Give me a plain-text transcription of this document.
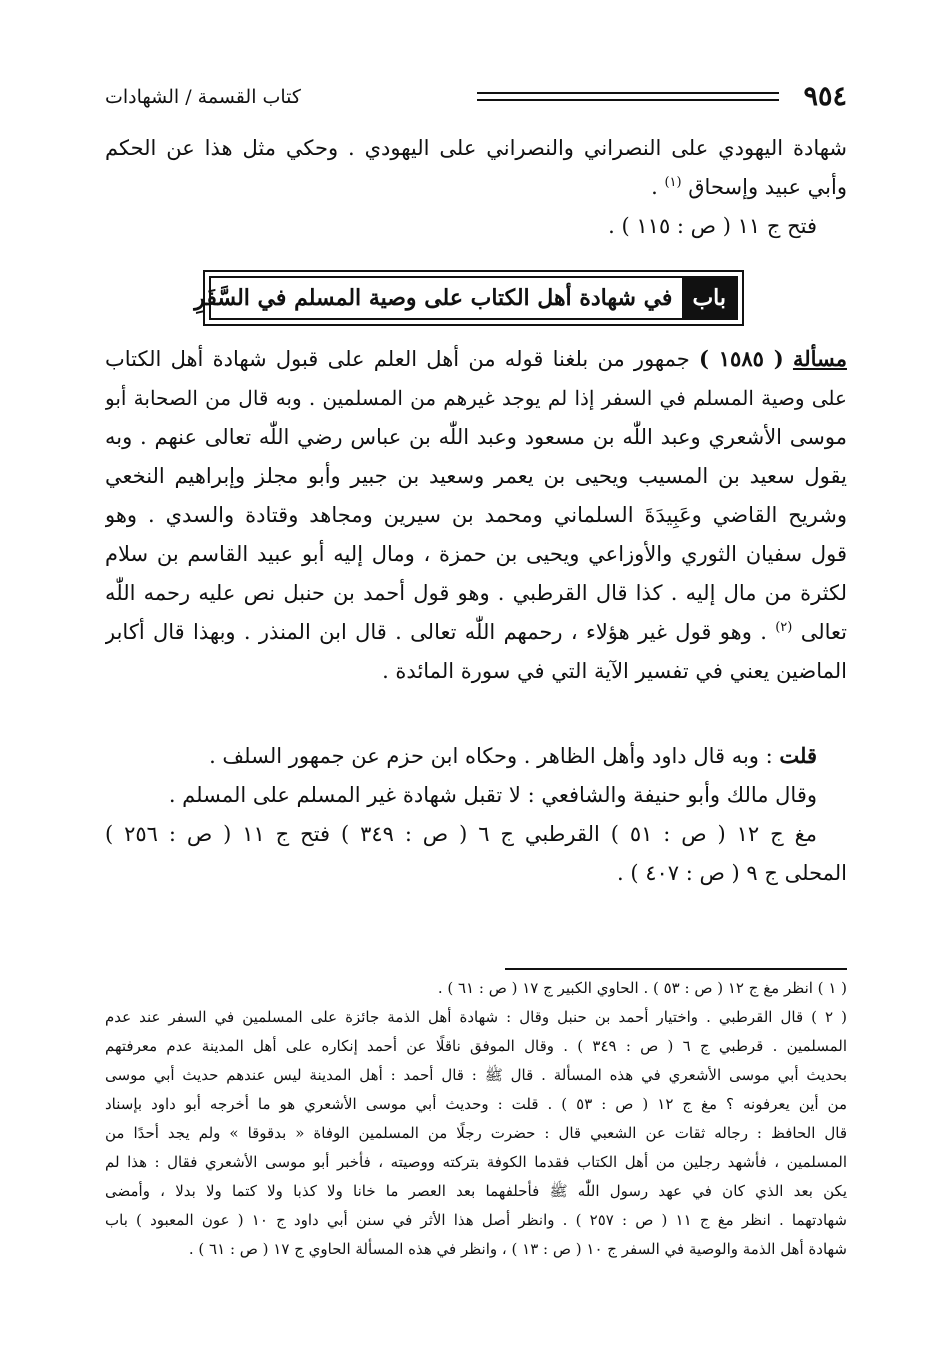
٩٥٤
كتاب القسمة / الشهادات
شهادة اليهودي على النصراني والنصراني على اليهودي . وحكي مثل هذا عن الحكم
وأبي عبيد وإسحاق $^{(١)}$ .
فتح ج ١١ ( ص : ١١٥ ) .
باب
في شهادة أهل الكتاب على وصية المسلم في السَّفَرِ
مسألة ( ١٥٨٥ ) جمهور من بلغنا قوله من أهل العلم على قبول شهادة أهل الكتاب
على وصية المسلم في السفر إذا لم يوجد غيرهم من المسلمين . وبه قال من الصحابة أبو
موسى الأشعري وعبد اللّٰه بن مسعود وعبد اللّٰه بن عباس رضي اللّٰه تعالى عنهم . وبه
يقول سعيد بن المسيب ويحيى بن يعمر وسعيد بن جبير وأبو مجلز وإبراهيم النخعي
وشريح القاضي وعَبِيدَةَ السلماني ومحمد بن سيرين ومجاهد وقتادة والسدي . وهو
قول سفيان الثوري والأوزاعي ويحيى بن حمزة ، ومال إليه أبو عبيد القاسم بن سلام
لكثرة من مال إليه . كذا قال القرطبي . وهو قول أحمد بن حنبل نص عليه رحمه اللّٰه
تعالى $^{(٢)}$ . وهو قول غير هؤلاء ، رحمهم اللّٰه تعالى . قال ابن المنذر . وبهذا قال أكابر
الماضين يعني في تفسير الآية التي في سورة المائدة .
قلت : وبه قال داود وأهل الظاهر . وحكاه ابن حزم عن جمهور السلف .
وقال مالك وأبو حنيفة والشافعي : لا تقبل شهادة غير المسلم على المسلم .
مغ ج ١٢ ( ص : ٥١ ) القرطبي ج ٦ ( ص : ٣٤٩ ) فتح ج ١١ ( ص : ٢٥٦ )
المحلى ج ٩ ( ص : ٤٠٧ ) .
( ١ ) انظر مغ ج ١٢ ( ص : ٥٣ ) . الحاوي الكبير ج ١٧ ( ص : ٦١ ) .
( ٢ ) قال القرطبي . واختيار أحمد بن حنبل وقال : شهادة أهل الذمة جائزة على المسلمين في السفر عند عدم
المسلمين . قرطبي ج ٦ ( ص : ٣٤٩ ) . وقال الموفق ناقلًا عن أحمد إنكاره على أهل المدينة عدم معرفتهم
بحديث أبي موسى الأشعري في هذه المسألة . قال ﷺ : قال أحمد : أهل المدينة ليس عندهم حديث أبي موسى
من أين يعرفونه ؟ مغ ج ١٢ ( ص : ٥٣ ) . قلت : وحديث أبي موسى الأشعري هو ما أخرجه أبو داود بإسناد
قال الحافظ : رجاله ثقات عن الشعبي قال : حضرت رجلًا من المسلمين الوفاة « بدقوقا » ولم يجد أحدًا من
المسلمين ، فأشهد رجلين من أهل الكتاب فقدما الكوفة بتركته ووصيته ، فأخبر أبو موسى الأشعري فقال : هذا لم
يكن بعد الذي كان في عهد رسول اللّٰه ﷺ فأحلفهما بعد العصر ما خانا ولا كذبا ولا كتما ولا بدلا ، وأمضى
شهادتهما . انظر مغ ج ١١ ( ص : ٢٥٧ ) . وانظر أصل هذا الأثر في سنن أبي داود ج ١٠ ( عون المعبود ) باب
شهادة أهل الذمة والوصية في السفر ج ١٠ ( ص : ١٣ ) ، وانظر في هذه المسألة الحاوي ج ١٧ ( ص : ٦١ ) .
